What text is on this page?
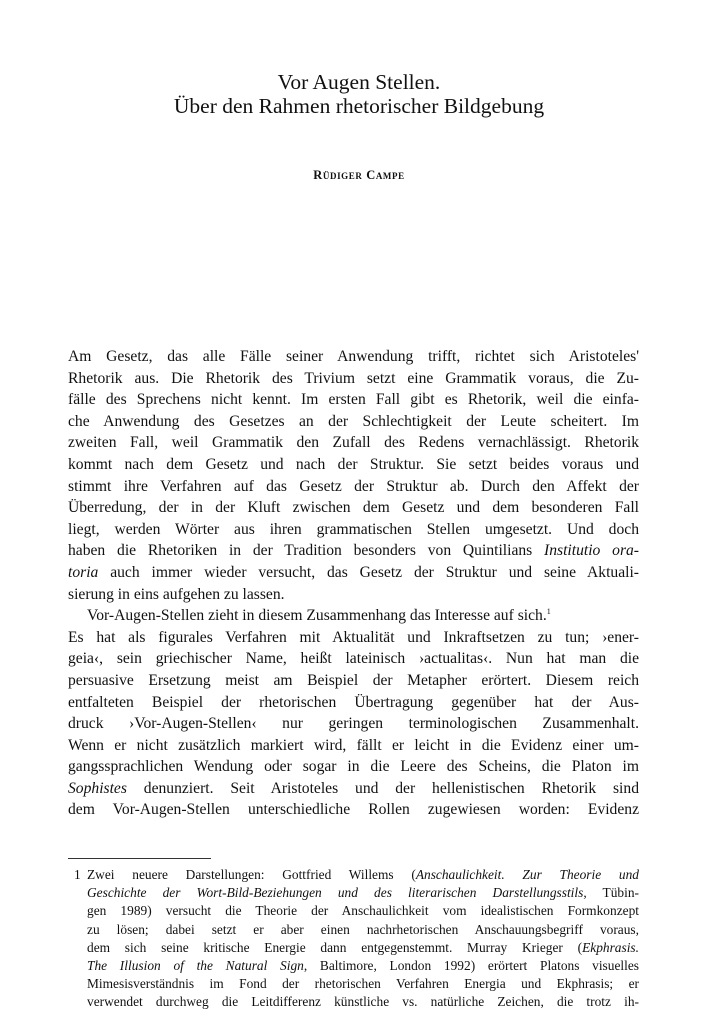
Vor Augen Stellen.
Über den Rahmen rhetorischer Bildgebung
Rüdiger Campe

Am Gesetz, das alle Fälle seiner Anwendung trifft, richtet sich Aristoteles'
Rhetorik aus. Die Rhetorik des Trivium setzt eine Grammatik voraus, die Zu-
fälle des Sprechens nicht kennt. Im ersten Fall gibt es Rhetorik, weil die einfa-
che Anwendung des Gesetzes an der Schlechtigkeit der Leute scheitert. Im
zweiten Fall, weil Grammatik den Zufall des Redens vernachlässigt. Rhetorik
kommt nach dem Gesetz und nach der Struktur. Sie setzt beides voraus und
stimmt ihre Verfahren auf das Gesetz der Struktur ab. Durch den Affekt der
Überredung, der in der Kluft zwischen dem Gesetz und dem besonderen Fall
liegt, werden Wörter aus ihren grammatischen Stellen umgesetzt. Und doch
haben die Rhetoriken in der Tradition besonders von Quintilians Institutio ora-
toria auch immer wieder versucht, das Gesetz der Struktur und seine Aktuali-
sierung in eins aufgehen zu lassen.

Vor-Augen-Stellen zieht in diesem Zusammenhang das Interesse auf sich.$^1$
Es hat als figurales Verfahren mit Aktualität und Inkraftsetzen zu tun; ›ener-
geia‹, sein griechischer Name, heißt lateinisch ›actualitas‹. Nun hat man die
persuasive Ersetzung meist am Beispiel der Metapher erörtert. Diesem reich
entfalteten Beispiel der rhetorischen Übertragung gegenüber hat der Aus-
druck ›Vor-Augen-Stellen‹ nur geringen terminologischen Zusammenhalt.
Wenn er nicht zusätzlich markiert wird, fällt er leicht in die Evidenz einer um-
gangssprachlichen Wendung oder sogar in die Leere des Scheins, die Platon im
Sophistes denunziert. Seit Aristoteles und der hellenistischen Rhetorik sind
dem Vor-Augen-Stellen unterschiedliche Rollen zugewiesen worden: Evidenz

1 Zwei neuere Darstellungen: Gottfried Willems (Anschaulichkeit. Zur Theorie und
Geschichte der Wort-Bild-Beziehungen und des literarischen Darstellungsstils, Tübin-
gen 1989) versucht die Theorie der Anschaulichkeit vom idealistischen Formkonzept
zu lösen; dabei setzt er aber einen nachrhetorischen Anschauungsbegriff voraus,
dem sich seine kritische Energie dann entgegenstemmt. Murray Krieger (Ekphrasis.
The Illusion of the Natural Sign, Baltimore, London 1992) erörtert Platons visuelles
Mimesisverständnis im Fond der rhetorischen Verfahren Energia und Ekphrasis; er
verwendet durchweg die Leitdifferenz künstliche vs. natürliche Zeichen, die trotz ih-
